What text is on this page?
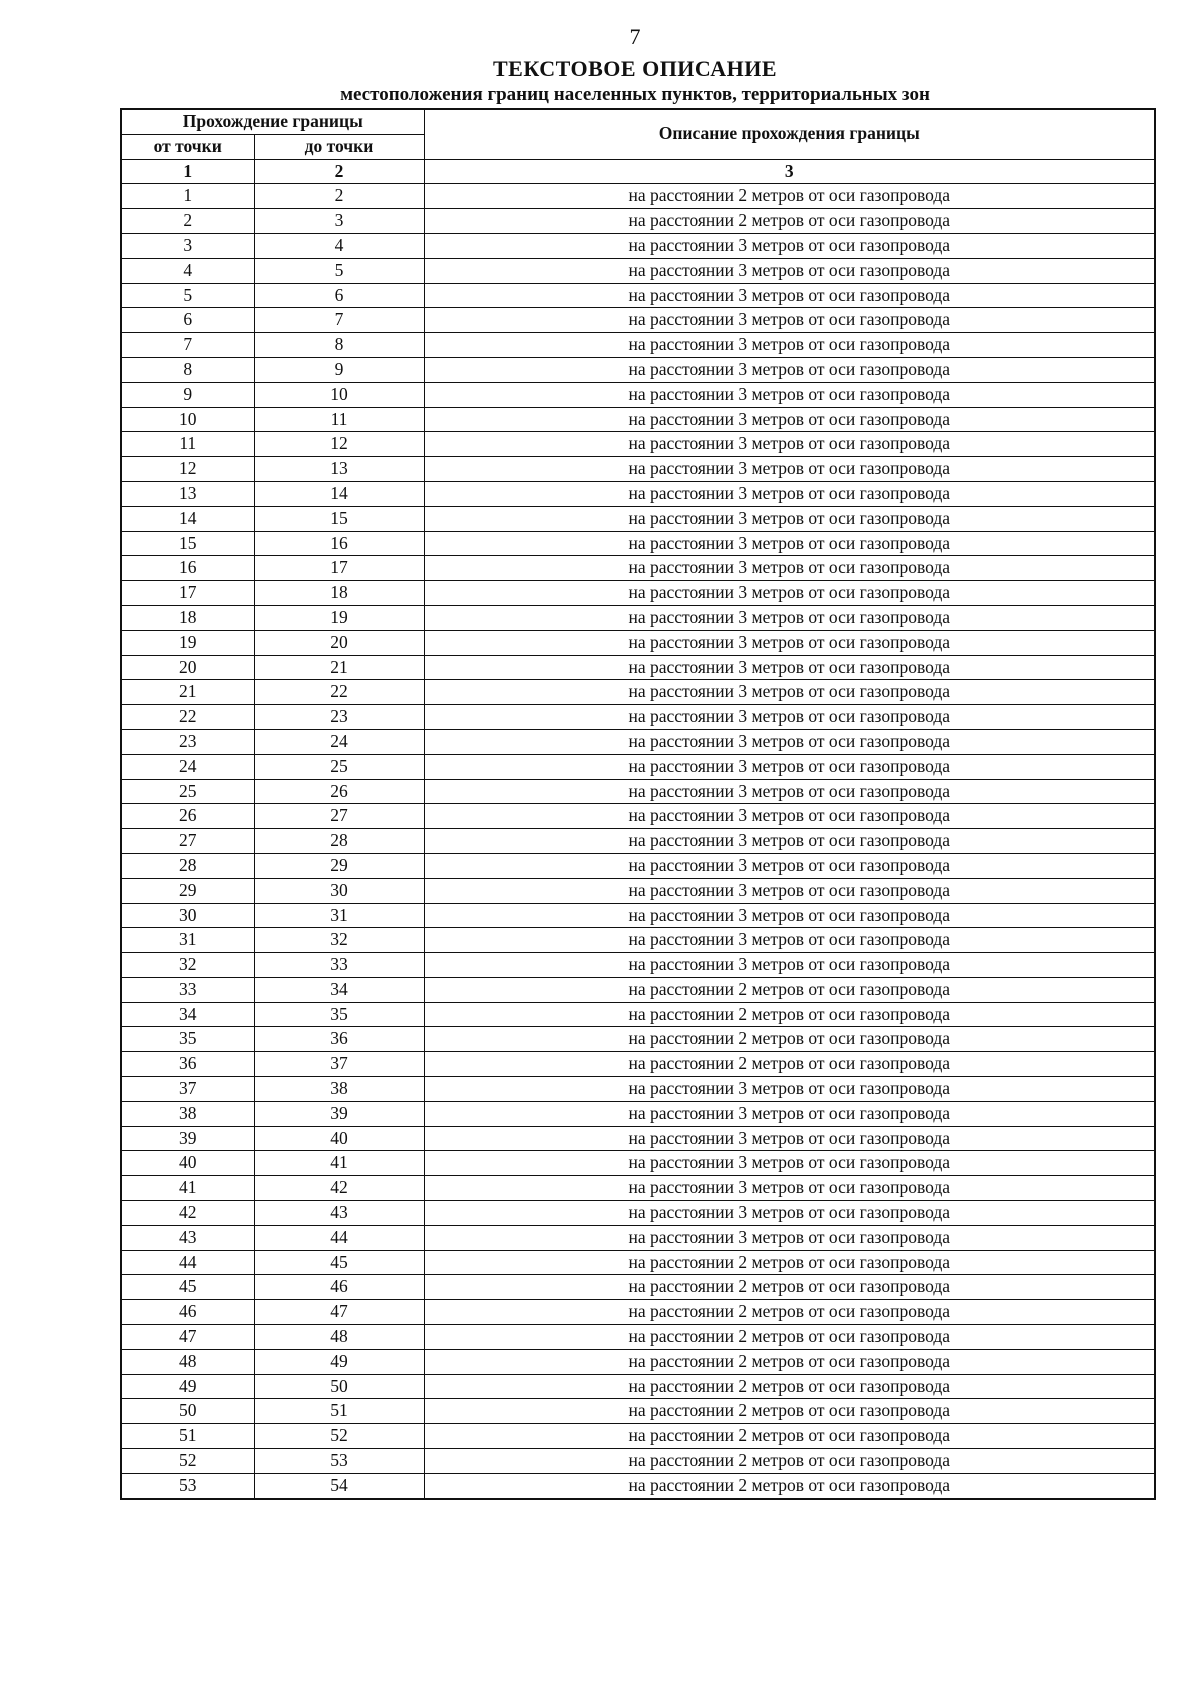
7
ТЕКСТОВОЕ ОПИСАНИЕ
местоположения границ населенных пунктов, территориальных зон
Прохождение границы		Описание прохождения границы
от точки	до точки	
1	2	3
1	2	на расстоянии 2 метров от оси газопровода
2	3	на расстоянии 2 метров от оси газопровода
3	4	на расстоянии 3 метров от оси газопровода
4	5	на расстоянии 3 метров от оси газопровода
5	6	на расстоянии 3 метров от оси газопровода
6	7	на расстоянии 3 метров от оси газопровода
7	8	на расстоянии 3 метров от оси газопровода
8	9	на расстоянии 3 метров от оси газопровода
9	10	на расстоянии 3 метров от оси газопровода
10	11	на расстоянии 3 метров от оси газопровода
11	12	на расстоянии 3 метров от оси газопровода
12	13	на расстоянии 3 метров от оси газопровода
13	14	на расстоянии 3 метров от оси газопровода
14	15	на расстоянии 3 метров от оси газопровода
15	16	на расстоянии 3 метров от оси газопровода
16	17	на расстоянии 3 метров от оси газопровода
17	18	на расстоянии 3 метров от оси газопровода
18	19	на расстоянии 3 метров от оси газопровода
19	20	на расстоянии 3 метров от оси газопровода
20	21	на расстоянии 3 метров от оси газопровода
21	22	на расстоянии 3 метров от оси газопровода
22	23	на расстоянии 3 метров от оси газопровода
23	24	на расстоянии 3 метров от оси газопровода
24	25	на расстоянии 3 метров от оси газопровода
25	26	на расстоянии 3 метров от оси газопровода
26	27	на расстоянии 3 метров от оси газопровода
27	28	на расстоянии 3 метров от оси газопровода
28	29	на расстоянии 3 метров от оси газопровода
29	30	на расстоянии 3 метров от оси газопровода
30	31	на расстоянии 3 метров от оси газопровода
31	32	на расстоянии 3 метров от оси газопровода
32	33	на расстоянии 3 метров от оси газопровода
33	34	на расстоянии 2 метров от оси газопровода
34	35	на расстоянии 2 метров от оси газопровода
35	36	на расстоянии 2 метров от оси газопровода
36	37	на расстоянии 2 метров от оси газопровода
37	38	на расстоянии 3 метров от оси газопровода
38	39	на расстоянии 3 метров от оси газопровода
39	40	на расстоянии 3 метров от оси газопровода
40	41	на расстоянии 3 метров от оси газопровода
41	42	на расстоянии 3 метров от оси газопровода
42	43	на расстоянии 3 метров от оси газопровода
43	44	на расстоянии 3 метров от оси газопровода
44	45	на расстоянии 2 метров от оси газопровода
45	46	на расстоянии 2 метров от оси газопровода
46	47	на расстоянии 2 метров от оси газопровода
47	48	на расстоянии 2 метров от оси газопровода
48	49	на расстоянии 2 метров от оси газопровода
49	50	на расстоянии 2 метров от оси газопровода
50	51	на расстоянии 2 метров от оси газопровода
51	52	на расстоянии 2 метров от оси газопровода
52	53	на расстоянии 2 метров от оси газопровода
53	54	на расстоянии 2 метров от оси газопровода
